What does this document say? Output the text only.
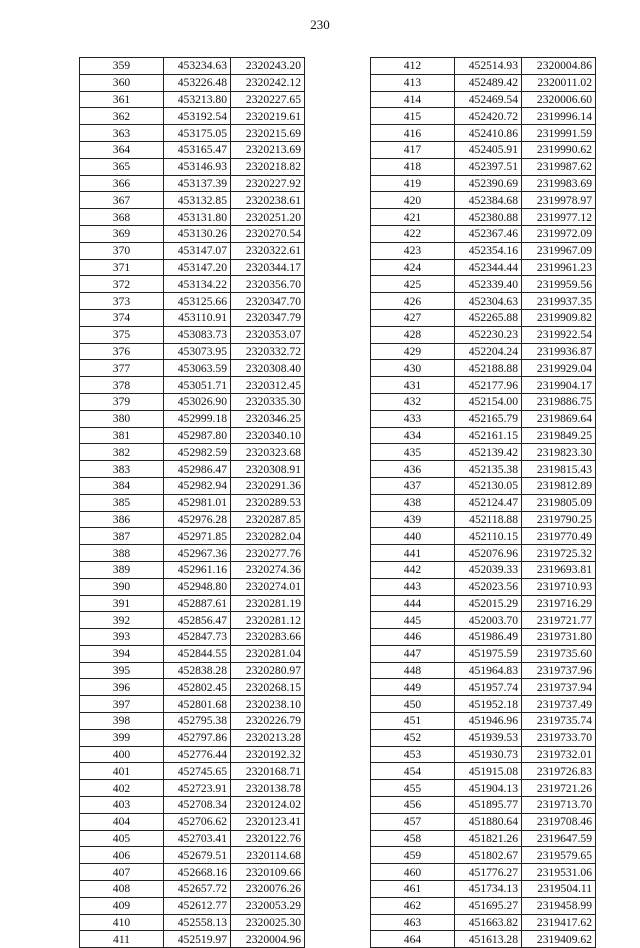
230
359	453234.63	2320243.20
360	453226.48	2320242.12
361	453213.80	2320227.65
362	453192.54	2320219.61
363	453175.05	2320215.69
364	453165.47	2320213.69
365	453146.93	2320218.82
366	453137.39	2320227.92
367	453132.85	2320238.61
368	453131.80	2320251.20
369	453130.26	2320270.54
370	453147.07	2320322.61
371	453147.20	2320344.17
372	453134.22	2320356.70
373	453125.66	2320347.70
374	453110.91	2320347.79
375	453083.73	2320353.07
376	453073.95	2320332.72
377	453063.59	2320308.40
378	453051.71	2320312.45
379	453026.90	2320335.30
380	452999.18	2320346.25
381	452987.80	2320340.10
382	452982.59	2320323.68
383	452986.47	2320308.91
384	452982.94	2320291.36
385	452981.01	2320289.53
386	452976.28	2320287.85
387	452971.85	2320282.04
388	452967.36	2320277.76
389	452961.16	2320274.36
390	452948.80	2320274.01
391	452887.61	2320281.19
392	452856.47	2320281.12
393	452847.73	2320283.66
394	452844.55	2320281.04
395	452838.28	2320280.97
396	452802.45	2320268.15
397	452801.68	2320238.10
398	452795.38	2320226.79
399	452797.86	2320213.28
400	452776.44	2320192.32
401	452745.65	2320168.71
402	452723.91	2320138.78
403	452708.34	2320124.02
404	452706.62	2320123.41
405	452703.41	2320122.76
406	452679.51	2320114.68
407	452668.16	2320109.66
408	452657.72	2320076.26
409	452612.77	2320053.29
410	452558.13	2320025.30
411	452519.97	2320004.96
412	452514.93	2320004.86
413	452489.42	2320011.02
414	452469.54	2320006.60
415	452420.72	2319996.14
416	452410.86	2319991.59
417	452405.91	2319990.62
418	452397.51	2319987.62
419	452390.69	2319983.69
420	452384.68	2319978.97
421	452380.88	2319977.12
422	452367.46	2319972.09
423	452354.16	2319967.09
424	452344.44	2319961.23
425	452339.40	2319959.56
426	452304.63	2319937.35
427	452265.88	2319909.82
428	452230.23	2319922.54
429	452204.24	2319936.87
430	452188.88	2319929.04
431	452177.96	2319904.17
432	452154.00	2319886.75
433	452165.79	2319869.64
434	452161.15	2319849.25
435	452139.42	2319823.30
436	452135.38	2319815.43
437	452130.05	2319812.89
438	452124.47	2319805.09
439	452118.88	2319790.25
440	452110.15	2319770.49
441	452076.96	2319725.32
442	452039.33	2319693.81
443	452023.56	2319710.93
444	452015.29	2319716.29
445	452003.70	2319721.77
446	451986.49	2319731.80
447	451975.59	2319735.60
448	451964.83	2319737.96
449	451957.74	2319737.94
450	451952.18	2319737.49
451	451946.96	2319735.74
452	451939.53	2319733.70
453	451930.73	2319732.01
454	451915.08	2319726.83
455	451904.13	2319721.26
456	451895.77	2319713.70
457	451880.64	2319708.46
458	451821.26	2319647.59
459	451802.67	2319579.65
460	451776.27	2319531.06
461	451734.13	2319504.11
462	451695.27	2319458.99
463	451663.82	2319417.62
464	451613.28	2319409.62
